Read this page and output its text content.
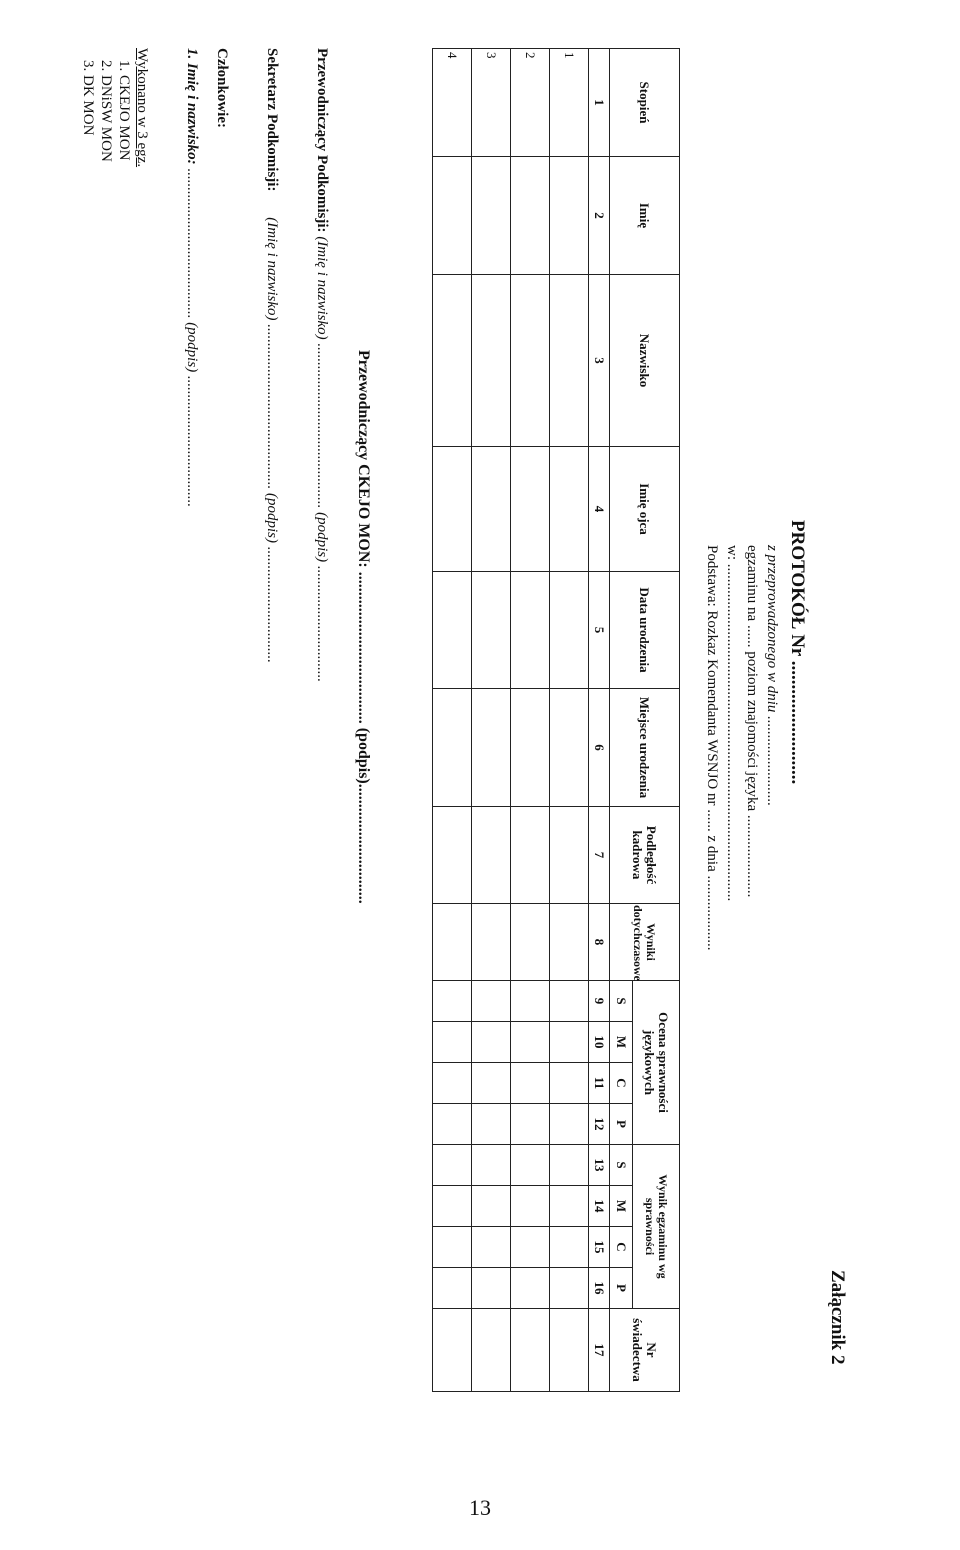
Załącznik 2
PROTOKÓŁ Nr ..........................
z przeprowadzonego w dniu ........................
egzaminu na ...... poziom znajomości języka ......................
w: ..........................................................................................
Podstawa: Rozkaz Komendanta WSNJO nr ...... z dnia ....................
Stopień	Imię	Nazwisko	Imię ojca	Data urodzenia	Miejsce urodzenia	Podległość kadrowa	Wyniki dotychczasowe	Ocena sprawności językowych				Wynik egzaminu wg sprawności				Nr świadectwa
								S	M	C	P	S	M	C	P	
1	2	3	4	5	6	7	8	9	10	11	12	13	14	15	16	17
1																
2																
3																
4																
Przewodniczący CKEJO MON: ...................................... (podpis)..............................
Przewodniczący Podkomisji: (Imię i nazwisko) ............................................ (podpis) ...............................
Sekretarz Podkomisji: (Imię i nazwisko) ............................................ (podpis) ...............................
Członkowie:
1. Imię i nazwisko: ........................................ (podpis) ...................................
Wykonano w 3 egz.
1. CKEJO MON
2. DNiSW MON
3. DK MON
13
